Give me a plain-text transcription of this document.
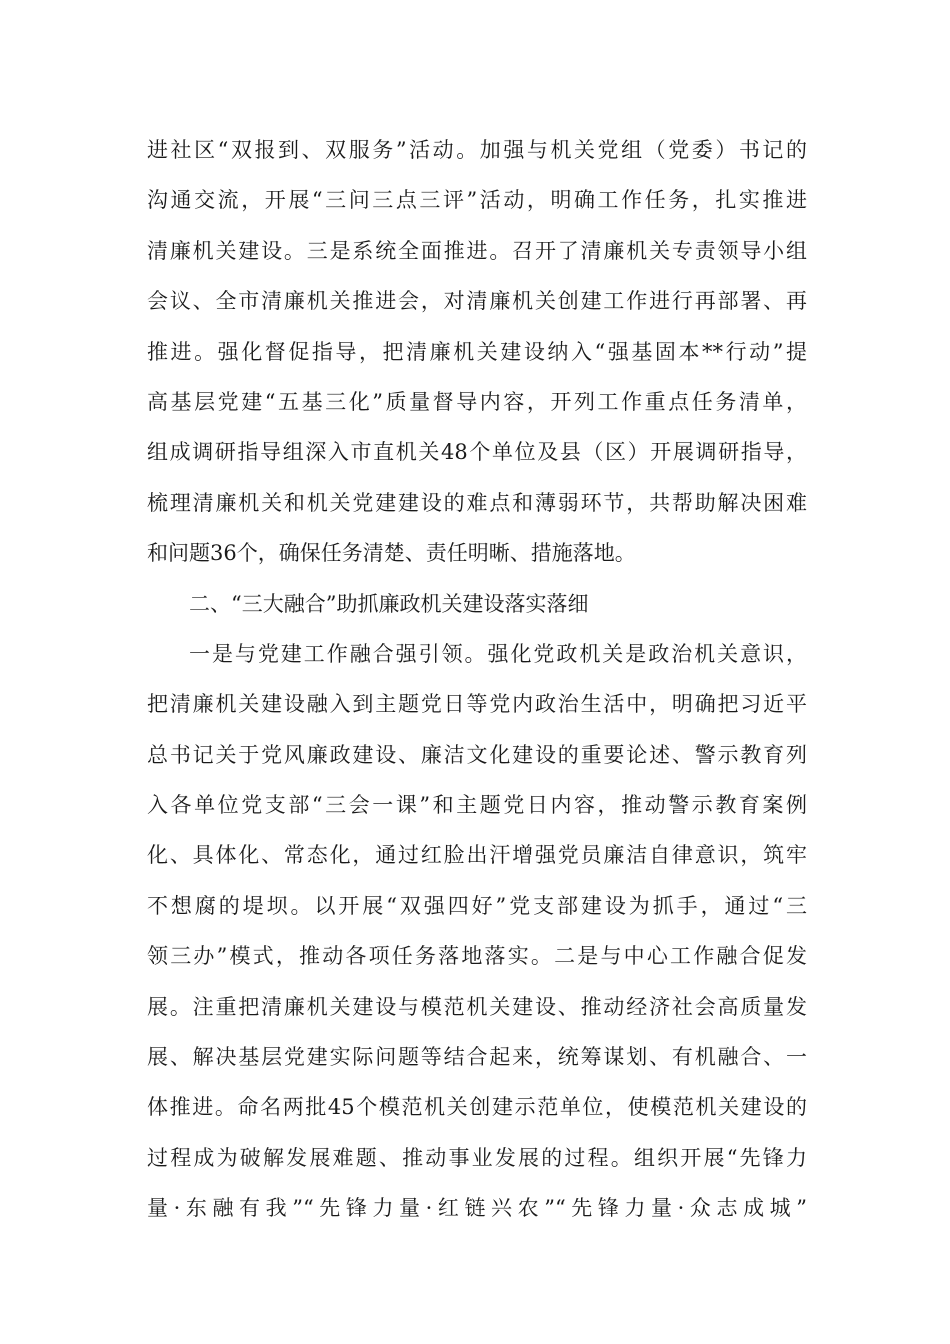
进社区“双报到、双服务”活动。加强与机关党组（党委）书记的
沟通交流，开展“三问三点三评”活动，明确工作任务，扎实推进
清廉机关建设。三是系统全面推进。召开了清廉机关专责领导小组
会议、全市清廉机关推进会，对清廉机关创建工作进行再部署、再
推进。强化督促指导，把清廉机关建设纳入“强基固本**行动”提
高基层党建“五基三化”质量督导内容，开列工作重点任务清单，
组成调研指导组深入市直机关48个单位及县（区）开展调研指导，
梳理清廉机关和机关党建建设的难点和薄弱环节，共帮助解决困难
和问题36个，确保任务清楚、责任明晰、措施落地。
二、“三大融合”助抓廉政机关建设落实落细
一是与党建工作融合强引领。强化党政机关是政治机关意识，
把清廉机关建设融入到主题党日等党内政治生活中，明确把习近平
总书记关于党风廉政建设、廉洁文化建设的重要论述、警示教育列
入各单位党支部“三会一课”和主题党日内容，推动警示教育案例
化、具体化、常态化，通过红脸出汗增强党员廉洁自律意识，筑牢
不想腐的堤坝。以开展“双强四好”党支部建设为抓手，通过“三
领三办”模式，推动各项任务落地落实。二是与中心工作融合促发
展。注重把清廉机关建设与模范机关建设、推动经济社会高质量发
展、解决基层党建实际问题等结合起来，统筹谋划、有机融合、一
体推进。命名两批45个模范机关创建示范单位，使模范机关建设的
过程成为破解发展难题、推动事业发展的过程。组织开展“先锋力
量·东融有我”“先锋力量·红链兴农”“先锋力量·众志成城”
